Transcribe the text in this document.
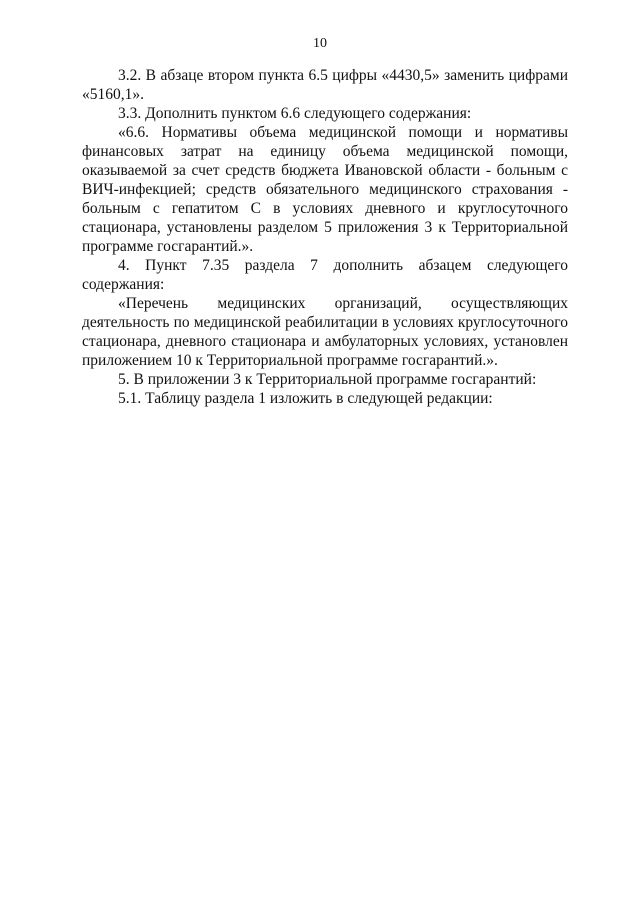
10

3.2. В абзаце втором пункта 6.5 цифры «4430,5» заменить цифрами «5160,1».

3.3. Дополнить пунктом 6.6 следующего содержания:

«6.6. Нормативы объема медицинской помощи и нормативы финансовых затрат на единицу объема медицинской помощи, оказываемой за счет средств бюджета Ивановской области - больным с ВИЧ-инфекцией; средств обязательного медицинского страхования - больным с гепатитом С в условиях дневного и круглосуточного стационара, установлены разделом 5 приложения 3 к Территориальной программе госгарантий.».

4. Пункт 7.35 раздела 7 дополнить абзацем следующего содержания:

«Перечень медицинских организаций, осуществляющих деятельность по медицинской реабилитации в условиях круглосуточного стационара, дневного стационара и амбулаторных условиях, установлен приложением 10 к Территориальной программе госгарантий.».

5. В приложении 3 к Территориальной программе госгарантий:

5.1. Таблицу раздела 1 изложить в следующей редакции:
